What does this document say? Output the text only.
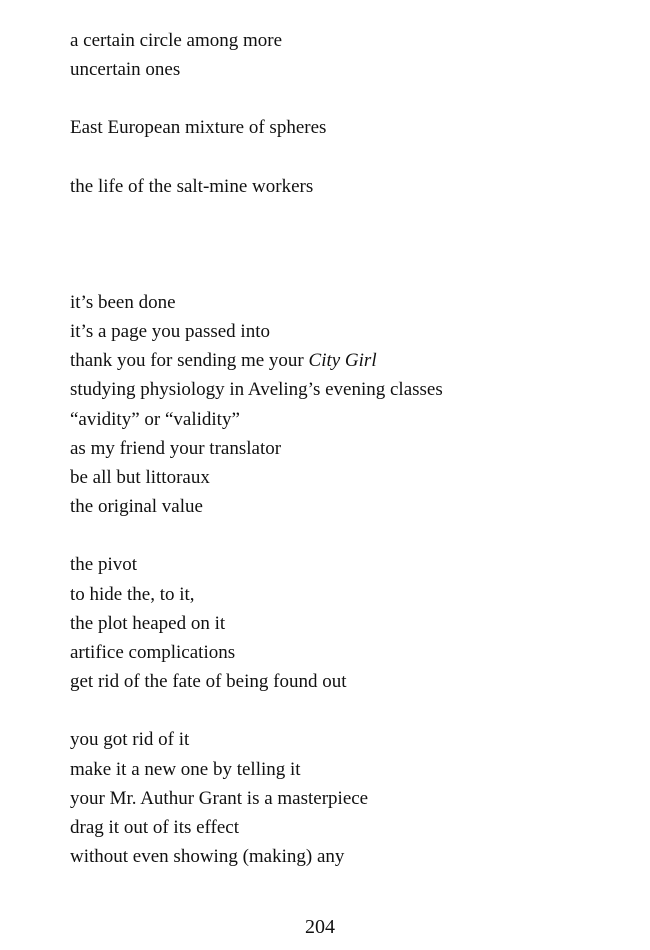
a certain circle among more
uncertain ones
East European mixture of spheres
the life of the salt-mine workers
it’s been done
it’s a page you passed into
thank you for sending me your City Girl
studying physiology in Aveling’s evening classes
“avidity” or “validity”
as my friend your translator
be all but littoraux
the original value
the pivot
to hide the, to it,
the plot heaped on it
artifice complications
get rid of the fate of being found out
you got rid of it
make it a new one by telling it
your Mr. Authur Grant is a masterpiece
drag it out of its effect
without even showing (making) any
204
